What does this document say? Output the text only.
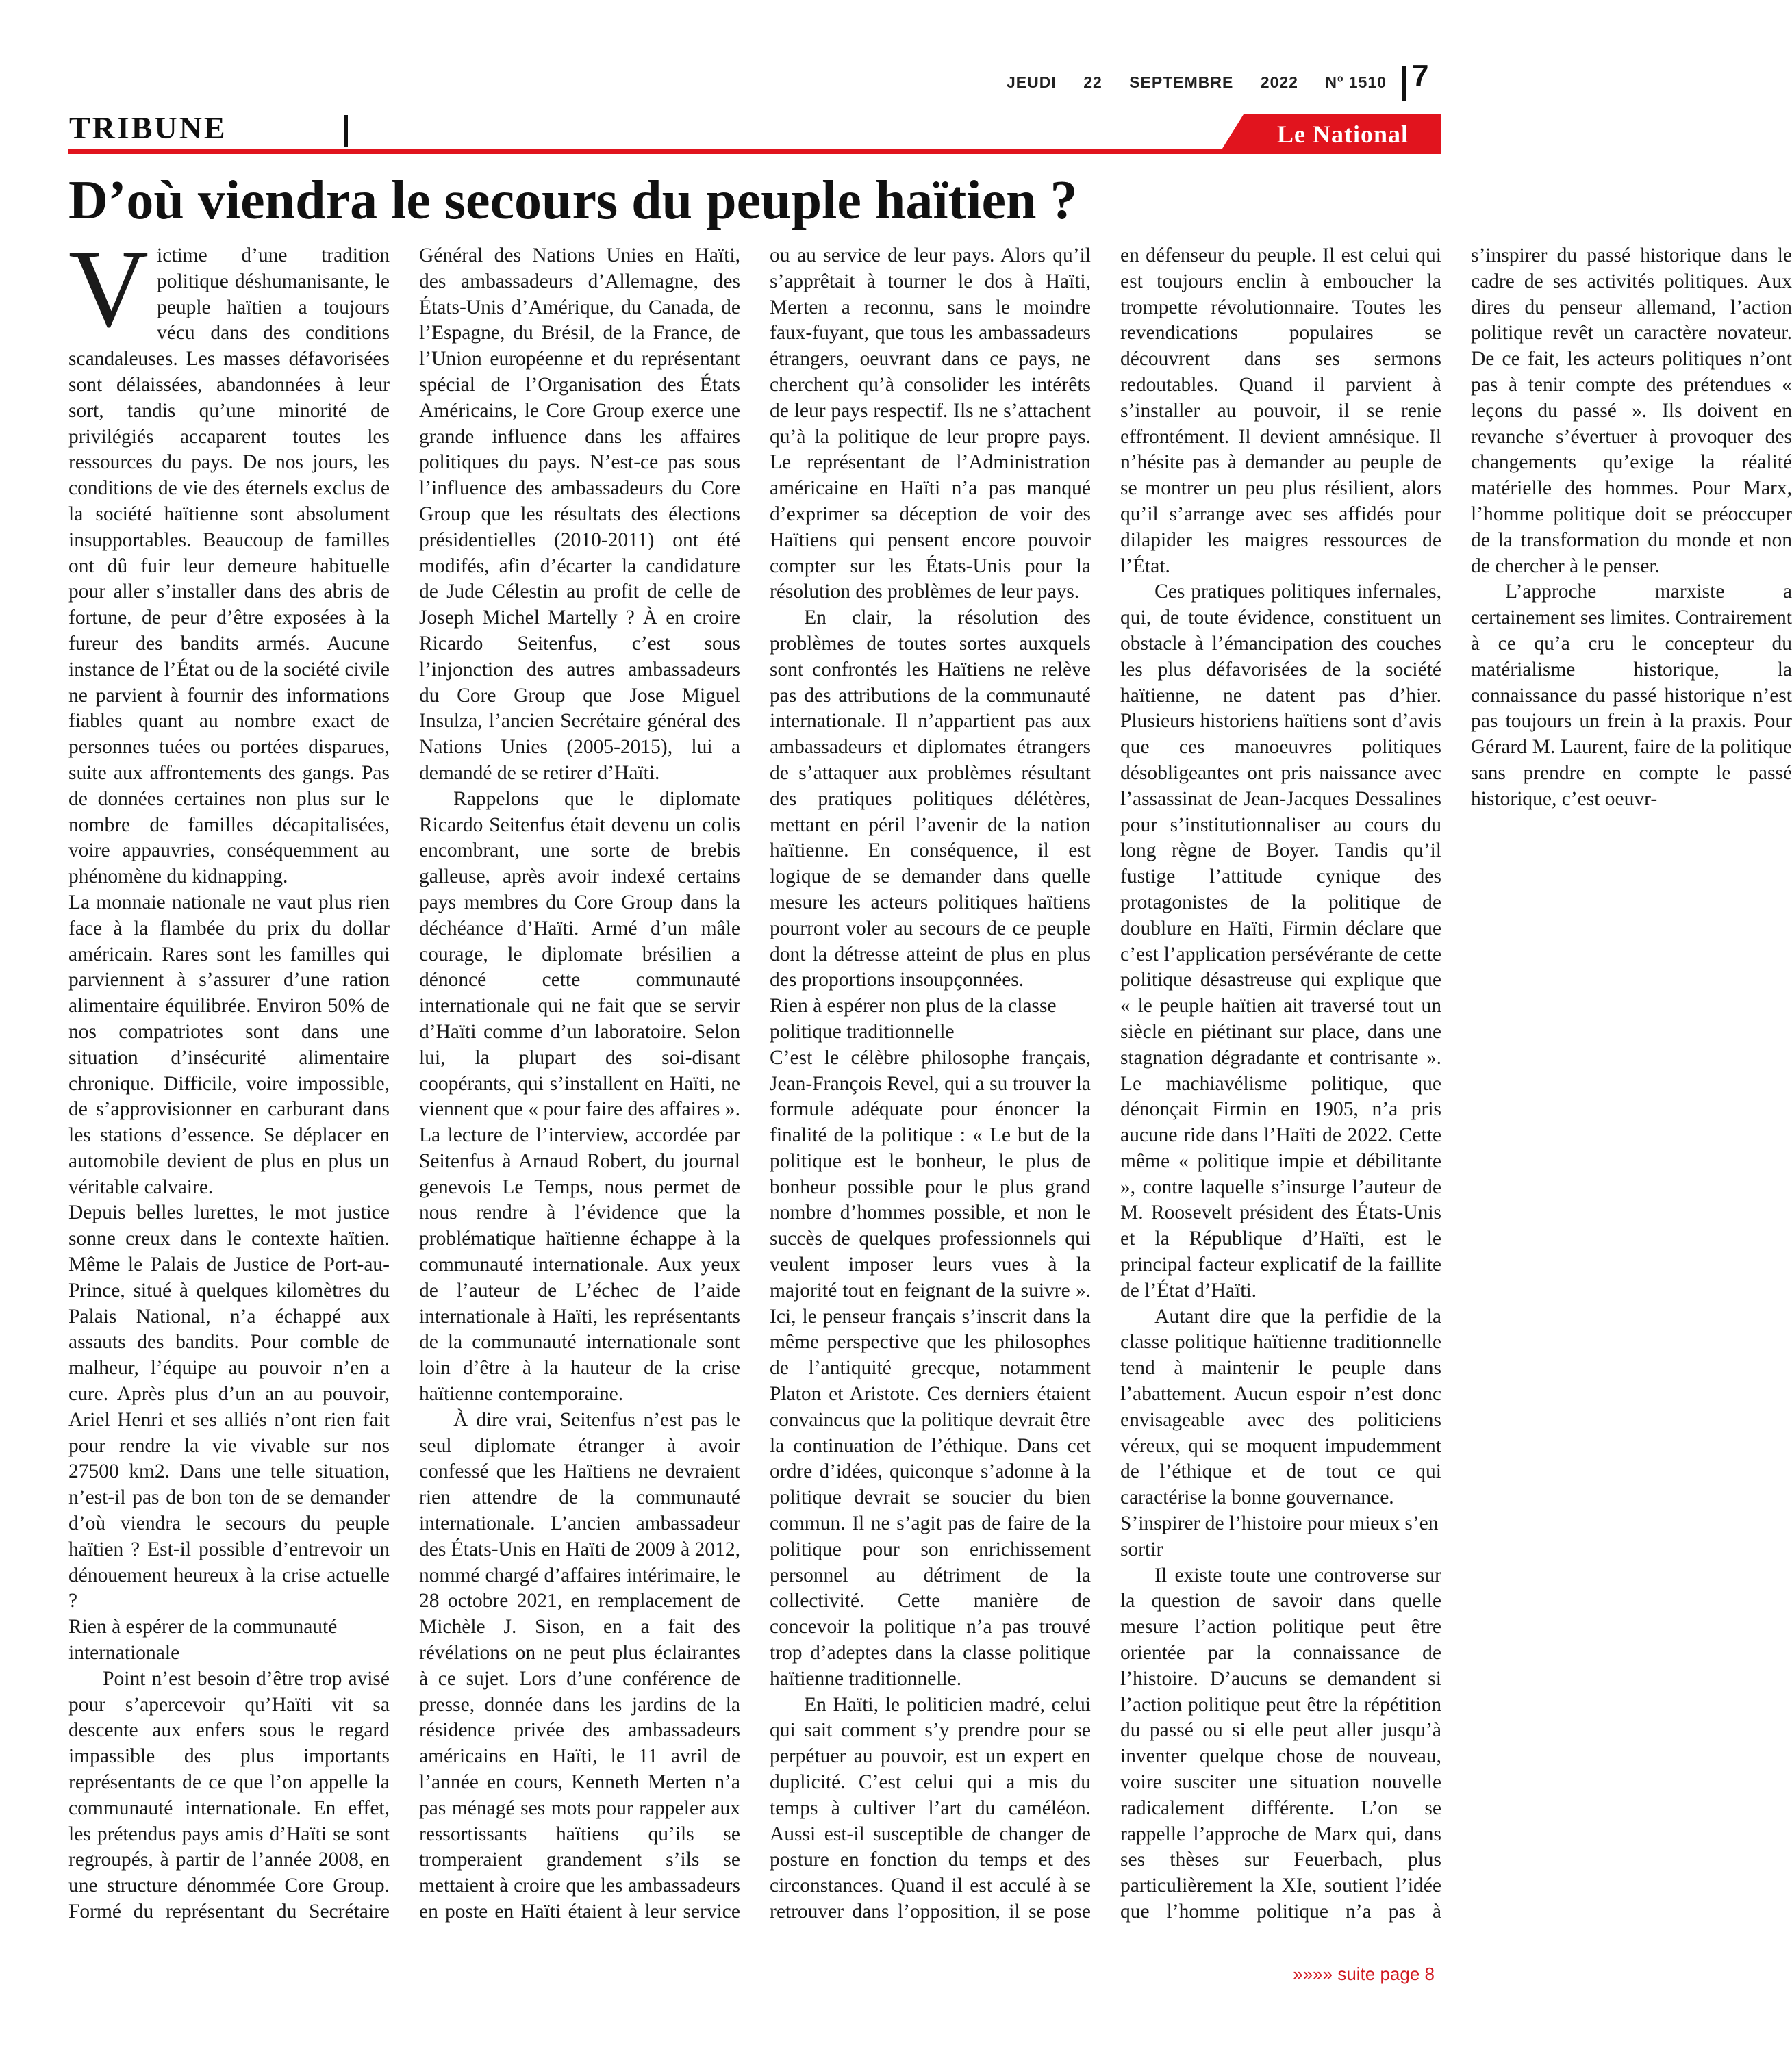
JEUDI 22 SEPTEMBRE 2022 Nº 1510 7
TRIBUNE	Le National
D’où viendra le secours du peuple haïtien ?

Victime d’une tradition politique déshumanisante, le peuple haïtien a toujours vécu dans des conditions scandaleuses. Les masses défavorisées sont délaissées, abandonnées à leur sort, tandis qu’une minorité de privilégiés accaparent toutes les ressources du pays. De nos jours, les conditions de vie des éternels exclus de la société haïtienne sont absolument insupportables. Beaucoup de familles ont dû fuir leur demeure habituelle pour aller s’installer dans des abris de fortune, de peur d’être exposées à la fureur des bandits armés. Aucune instance de l’État ou de la société civile ne parvient à fournir des informations fiables quant au nombre exact de personnes tuées ou portées disparues, suite aux affrontements des gangs. Pas de données certaines non plus sur le nombre de familles décapitalisées, voire appauvries, conséquemment au phénomène du kidnapping.

La monnaie nationale ne vaut plus rien face à la flambée du prix du dollar américain. Rares sont les familles qui parviennent à s’assurer d’une ration alimentaire équilibrée. Environ 50% de nos compatriotes sont dans une situation d’insécurité alimentaire chronique. Difficile, voire impossible, de s’approvisionner en carburant dans les stations d’essence. Se déplacer en automobile devient de plus en plus un véritable calvaire.

Depuis belles lurettes, le mot justice sonne creux dans le contexte haïtien. Même le Palais de Justice de Port-au-Prince, situé à quelques kilomètres du Palais National, n’a échappé aux assauts des bandits. Pour comble de malheur, l’équipe au pouvoir n’en a cure. Après plus d’un an au pouvoir, Ariel Henri et ses alliés n’ont rien fait pour rendre la vie vivable sur nos 27500 km2. Dans une telle situation, n’est-il pas de bon ton de se demander d’où viendra le secours du peuple haïtien ? Est-il possible d’entrevoir un dénouement heureux à la crise actuelle ?

Rien à espérer de la communauté internationale

Point n’est besoin d’être trop avisé pour s’apercevoir qu’Haïti vit sa descente aux enfers sous le regard impassible des plus importants représentants de ce que l’on appelle la communauté internationale. En effet, les prétendus pays amis d’Haïti se sont regroupés, à partir de l’année 2008, en une structure dénommée Core Group. Formé du représentant du Secrétaire Général des Nations Unies en Haïti, des ambassadeurs d’Allemagne, des États-Unis d’Amérique, du Canada, de l’Espagne, du Brésil, de la France, de l’Union européenne et du représentant spécial de l’Organisation des États Américains, le Core Group exerce une grande influence dans les affaires politiques du pays. N’est-ce pas sous l’influence des ambassadeurs du Core Group que les résultats des élections présidentielles (2010-2011) ont été modifés, afin d’écarter la candidature de Jude Célestin au profit de celle de Joseph Michel Martelly ? À en croire Ricardo Seitenfus, c’est sous l’injonction des autres ambassadeurs du Core Group que Jose Miguel Insulza, l’ancien Secrétaire général des Nations Unies (2005-2015), lui a demandé de se retirer d’Haïti.

Rappelons que le diplomate Ricardo Seitenfus était devenu un colis encombrant, une sorte de brebis galleuse, après avoir indexé certains pays membres du Core Group dans la déchéance d’Haïti. Armé d’un mâle courage, le diplomate brésilien a dénoncé cette communauté internationale qui ne fait que se servir d’Haïti comme d’un laboratoire. Selon lui, la plupart des soi-disant coopérants, qui s’installent en Haïti, ne viennent que « pour faire des affaires ». La lecture de l’interview, accordée par Seitenfus à Arnaud Robert, du journal genevois Le Temps, nous permet de nous rendre à l’évidence que la problématique haïtienne échappe à la communauté internationale. Aux yeux de l’auteur de L’échec de l’aide internationale à Haïti, les représentants de la communauté internationale sont loin d’être à la hauteur de la crise haïtienne contemporaine.

À dire vrai, Seitenfus n’est pas le seul diplomate étranger à avoir confessé que les Haïtiens ne devraient rien attendre de la communauté internationale. L’ancien ambassadeur des États-Unis en Haïti de 2009 à 2012, nommé chargé d’affaires intérimaire, le 28 octobre 2021, en remplacement de Michèle J. Sison, en a fait des révélations on ne peut plus éclairantes à ce sujet. Lors d’une conférence de presse, donnée dans les jardins de la résidence privée des ambassadeurs américains en Haïti, le 11 avril de l’année en cours, Kenneth Merten n’a pas ménagé ses mots pour rappeler aux ressortissants haïtiens qu’ils se tromperaient grandement s’ils se mettaient à croire que les ambassadeurs en poste en Haïti étaient à leur service ou au service de leur pays. Alors qu’il s’apprêtait à tourner le dos à Haïti, Merten a reconnu, sans le moindre faux-fuyant, que tous les ambassadeurs étrangers, oeuvrant dans ce pays, ne cherchent qu’à consolider les intérêts de leur pays respectif. Ils ne s’attachent qu’à la politique de leur propre pays. Le représentant de l’Administration américaine en Haïti n’a pas manqué d’exprimer sa déception de voir des Haïtiens qui pensent encore pouvoir compter sur les États-Unis pour la résolution des problèmes de leur pays.

En clair, la résolution des problèmes de toutes sortes auxquels sont confrontés les Haïtiens ne relève pas des attributions de la communauté internationale. Il n’appartient pas aux ambassadeurs et diplomates étrangers de s’attaquer aux problèmes résultant des pratiques politiques délétères, mettant en péril l’avenir de la nation haïtienne. En conséquence, il est logique de se demander dans quelle mesure les acteurs politiques haïtiens pourront voler au secours de ce peuple dont la détresse atteint de plus en plus des proportions insoupçonnées.

Rien à espérer non plus de la classe politique traditionnelle

C’est le célèbre philosophe français, Jean-François Revel, qui a su trouver la formule adéquate pour énoncer la finalité de la politique : « Le but de la politique est le bonheur, le plus de bonheur possible pour le plus grand nombre d’hommes possible, et non le succès de quelques professionnels qui veulent imposer leurs vues à la majorité tout en feignant de la suivre ». Ici, le penseur français s’inscrit dans la même perspective que les philosophes de l’antiquité grecque, notamment Platon et Aristote. Ces derniers étaient convaincus que la politique devrait être la continuation de l’éthique. Dans cet ordre d’idées, quiconque s’adonne à la politique devrait se soucier du bien commun. Il ne s’agit pas de faire de la politique pour son enrichissement personnel au détriment de la collectivité. Cette manière de concevoir la politique n’a pas trouvé trop d’adeptes dans la classe politique haïtienne traditionnelle.

En Haïti, le politicien madré, celui qui sait comment s’y prendre pour se perpétuer au pouvoir, est un expert en duplicité. C’est celui qui a mis du temps à cultiver l’art du caméléon. Aussi est-il susceptible de changer de posture en fonction du temps et des circonstances. Quand il est acculé à se retrouver dans l’opposition, il se pose en défenseur du peuple. Il est celui qui est toujours enclin à emboucher la trompette révolutionnaire. Toutes les revendications populaires se découvrent dans ses sermons redoutables. Quand il parvient à s’installer au pouvoir, il se renie effrontément. Il devient amnésique. Il n’hésite pas à demander au peuple de se montrer un peu plus résilient, alors qu’il s’arrange avec ses affidés pour dilapider les maigres ressources de l’État.

Ces pratiques politiques infernales, qui, de toute évidence, constituent un obstacle à l’émancipation des couches les plus défavorisées de la société haïtienne, ne datent pas d’hier. Plusieurs historiens haïtiens sont d’avis que ces manoeuvres politiques désobligeantes ont pris naissance avec l’assassinat de Jean-Jacques Dessalines pour s’institutionnaliser au cours du long règne de Boyer. Tandis qu’il fustige l’attitude cynique des protagonistes de la politique de doublure en Haïti, Firmin déclare que c’est l’application persévérante de cette politique désastreuse qui explique que « le peuple haïtien ait traversé tout un siècle en piétinant sur place, dans une stagnation dégradante et contrisante ». Le machiavélisme politique, que dénonçait Firmin en 1905, n’a pris aucune ride dans l’Haïti de 2022. Cette même « politique impie et débilitante », contre laquelle s’insurge l’auteur de M. Roosevelt président des États-Unis et la République d’Haïti, est le principal facteur explicatif de la faillite de l’État d’Haïti.

Autant dire que la perfidie de la classe politique haïtienne traditionnelle tend à maintenir le peuple dans l’abattement. Aucun espoir n’est donc envisageable avec des politiciens véreux, qui se moquent impudemment de l’éthique et de tout ce qui caractérise la bonne gouvernance.

S’inspirer de l’histoire pour mieux s’en sortir

Il existe toute une controverse sur la question de savoir dans quelle mesure l’action politique peut être orientée par la connaissance de l’histoire. D’aucuns se demandent si l’action politique peut être la répétition du passé ou si elle peut aller jusqu’à inventer quelque chose de nouveau, voire susciter une situation nouvelle radicalement différente. L’on se rappelle l’approche de Marx qui, dans ses thèses sur Feuerbach, plus particulièrement la XIe, soutient l’idée que l’homme politique n’a pas à s’inspirer du passé historique dans le cadre de ses activités politiques. Aux dires du penseur allemand, l’action politique revêt un caractère novateur. De ce fait, les acteurs politiques n’ont pas à tenir compte des prétendues « leçons du passé ». Ils doivent en revanche s’évertuer à provoquer des changements qu’exige la réalité matérielle des hommes. Pour Marx, l’homme politique doit se préoccuper de la transformation du monde et non de chercher à le penser.

L’approche marxiste a certainement ses limites. Contrairement à ce qu’a cru le concepteur du matérialisme historique, la connaissance du passé historique n’est pas toujours un frein à la praxis. Pour Gérard M. Laurent, faire de la politique sans prendre en compte le passé historique, c’est oeuvr-

»»»» suite page 8
